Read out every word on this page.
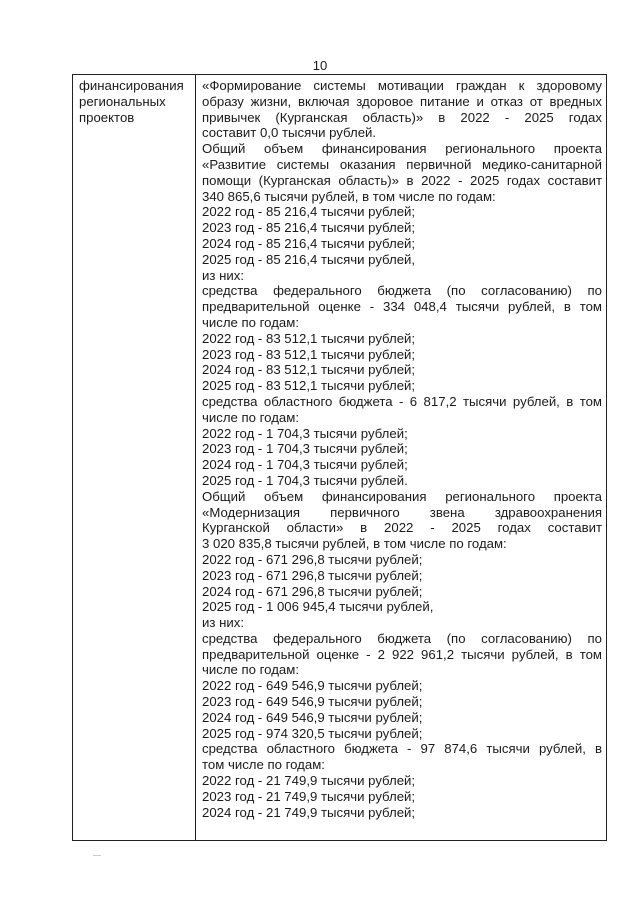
10
финансирования
региональных
проектов
«Формирование системы мотивации граждан к здоровому
образу жизни, включая здоровое питание и отказ от вредных
привычек (Курганская область)» в 2022 - 2025 годах
составит 0,0 тысячи рублей.
Общий объем финансирования регионального проекта
«Развитие системы оказания первичной медико-санитарной
помощи (Курганская область)» в 2022 - 2025 годах составит
340 865,6 тысячи рублей, в том числе по годам:
2022 год - 85 216,4 тысячи рублей;
2023 год - 85 216,4 тысячи рублей;
2024 год - 85 216,4 тысячи рублей;
2025 год - 85 216,4 тысячи рублей,
из них:
средства федерального бюджета (по согласованию) по
предварительной оценке - 334 048,4 тысячи рублей, в том
числе по годам:
2022 год - 83 512,1 тысячи рублей;
2023 год - 83 512,1 тысячи рублей;
2024 год - 83 512,1 тысячи рублей;
2025 год - 83 512,1 тысячи рублей;
средства областного бюджета - 6 817,2 тысячи рублей, в том
числе по годам:
2022 год - 1 704,3 тысячи рублей;
2023 год - 1 704,3 тысячи рублей;
2024 год - 1 704,3 тысячи рублей;
2025 год - 1 704,3 тысячи рублей.
Общий объем финансирования регионального проекта
«Модернизация первичного звена здравоохранения
Курганской области» в 2022 - 2025 годах составит
3 020 835,8 тысячи рублей, в том числе по годам:
2022 год - 671 296,8 тысячи рублей;
2023 год - 671 296,8 тысячи рублей;
2024 год - 671 296,8 тысячи рублей;
2025 год - 1 006 945,4 тысячи рублей,
из них:
средства федерального бюджета (по согласованию) по
предварительной оценке - 2 922 961,2 тысячи рублей, в том
числе по годам:
2022 год - 649 546,9 тысячи рублей;
2023 год - 649 546,9 тысячи рублей;
2024 год - 649 546,9 тысячи рублей;
2025 год - 974 320,5 тысячи рублей;
средства областного бюджета - 97 874,6 тысячи рублей, в
том числе по годам:
2022 год - 21 749,9 тысячи рублей;
2023 год - 21 749,9 тысячи рублей;
2024 год - 21 749,9 тысячи рублей;
